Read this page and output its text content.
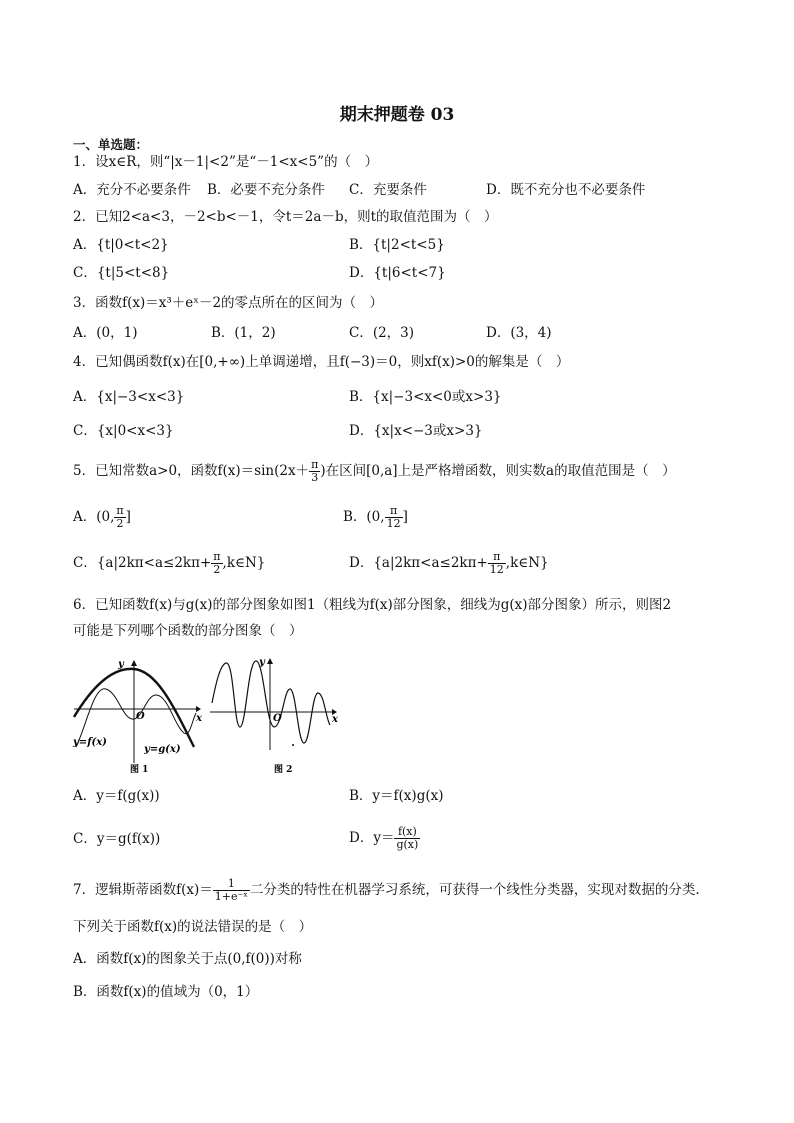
期末押题卷 03
一、单选题：
1．设x∈R，则“|x－1|<2”是“－1<x<5”的（　）
A．充分不必要条件 B．必要不充分条件 C．充要条件	D．既不充分也不必要条件
2．已知2<a<3，－2<b<－1，令t＝2a－b，则t的取值范围为（　）
A．{t|0<t<2}	B．{t|2<t<5}
C．{t|5<t<8}	D．{t|6<t<7}
3．函数f(x)＝x³＋eˣ－2的零点所在的区间为（　）
A．(0，1)	B．(1，2)	C．(2，3)	D．(3，4)
4．已知偶函数f(x)在[0,+∞)上单调递增，且f(−3)＝0，则xf(x)>0的解集是（　）
A．{x|−3<x<3}	B．{x|−3<x<0或x>3}
C．{x|0<x<3}	D．{x|x<−3或x>3}
5．已知常数a>0，函数$f(x)=\sin(2x+ \frac{\pi}{3}$ )在区间[0,a]上是严格增函数，则实数a的取值范围是（　）
A．(0, $\frac{\pi}{2}$ ]	B．(0, $\frac{\pi}{12}$ ]
C．{$a|2k\pi<a\le 2k\pi+ \frac{\pi}{2}$ ,k∈N}	D．{$a|2k\pi<a\le 2k\pi+ \frac{\pi}{12}$ ,k∈N}
6．已知函数f(x)与g(x)的部分图象如图1（粗线为f(x)部分图象，细线为g(x)部分图象）所示，则图2
可能是下列哪个函数的部分图象（　）
y
x
O
y=f(x)
y=g(x)
图 1
y
x
O
图 2
A．y＝f(g(x))	B．y＝f(x)g(x)
C．y＝g(f(x))	D．$y= \frac{f(x)}{g(x)}$
7．逻辑斯蒂函数$f(x)= \frac{1}{\text{1+e⁻ˣ}}$ 二分类的特性在机器学习系统，可获得一个线性分类器，实现对数据的分类.
下列关于函数f(x)的说法错误的是（　）
A．函数f(x)的图象关于点(0,f(0))对称
B．函数f(x)的值域为（0，1）
